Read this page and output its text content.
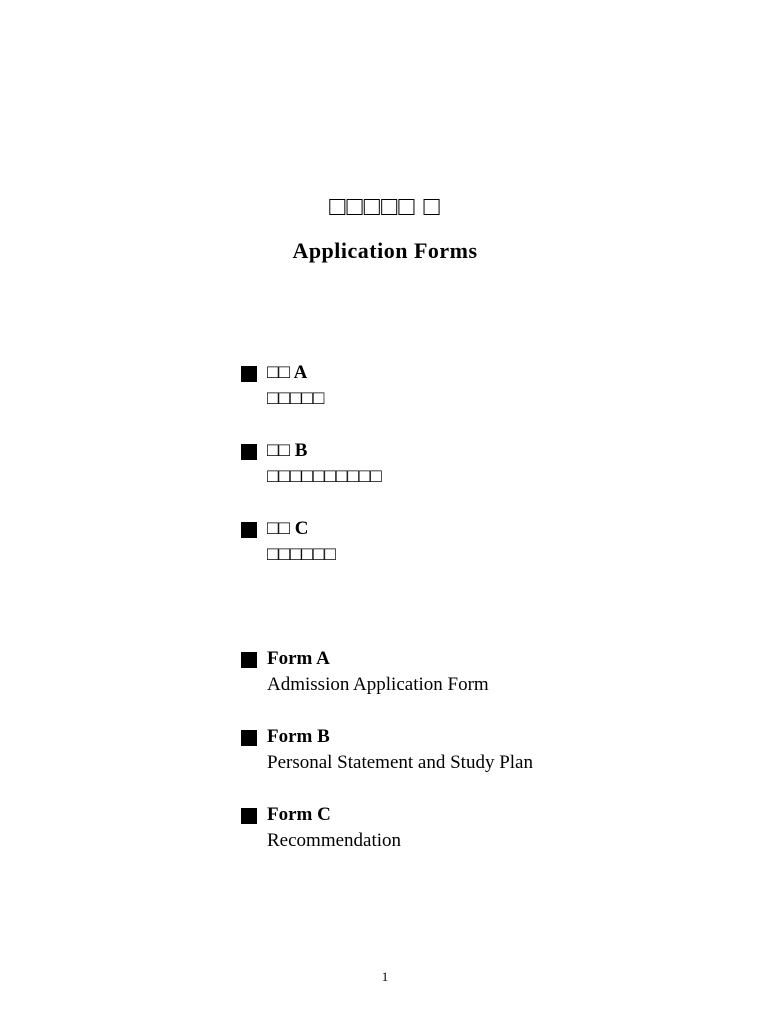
□□□□□ □
Application Forms
□□ A
□□□□□
□□ B
□□□□□□□□□□
□□ C
□□□□□□
Form A
Admission Application Form
Form B
Personal Statement and Study Plan
Form C
Recommendation
1
